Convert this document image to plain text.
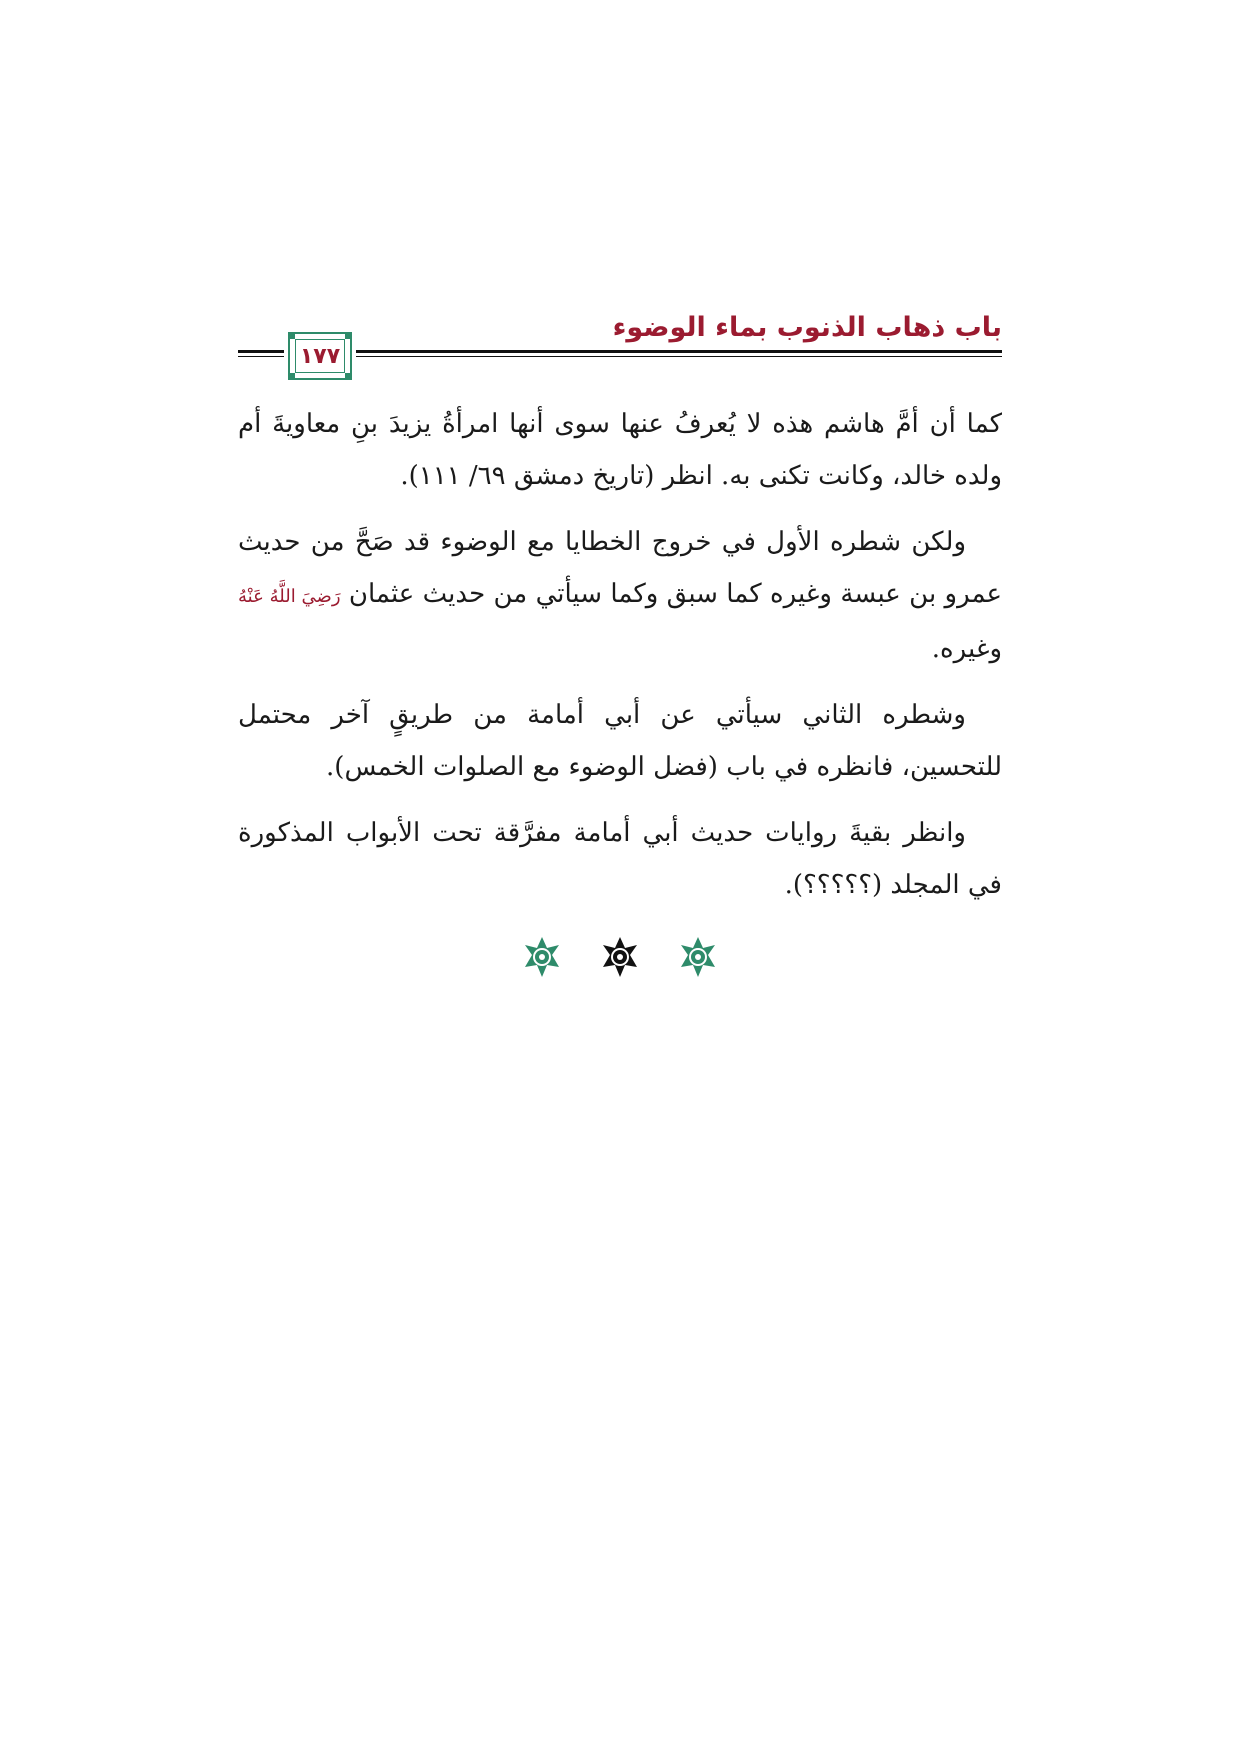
باب ذهاب الذنوب بماء الوضوء
١٧٧

كما أن أمَّ هاشم هذه لا يُعرفُ عنها سوى أنها امرأةُ يزيدَ بنِ معاويةَ أم ولده خالد، وكانت تكنى به. انظر (تاريخ دمشق ٦٩/ ١١١).

ولكن شطره الأول في خروج الخطايا مع الوضوء قد صَحَّ من حديث عمرو بن عبسة وغيره كما سبق وكما سيأتي من حديث عثمان رَضِيَ اللَّهُ عَنْهُ وغيره.

وشطره الثاني سيأتي عن أبي أمامة من طريقٍ آخر محتمل للتحسين، فانظره في باب (فضل الوضوء مع الصلوات الخمس).

وانظر بقيةَ روايات حديث أبي أمامة مفرَّقة تحت الأبواب المذكورة في المجلد (؟؟؟؟؟).
